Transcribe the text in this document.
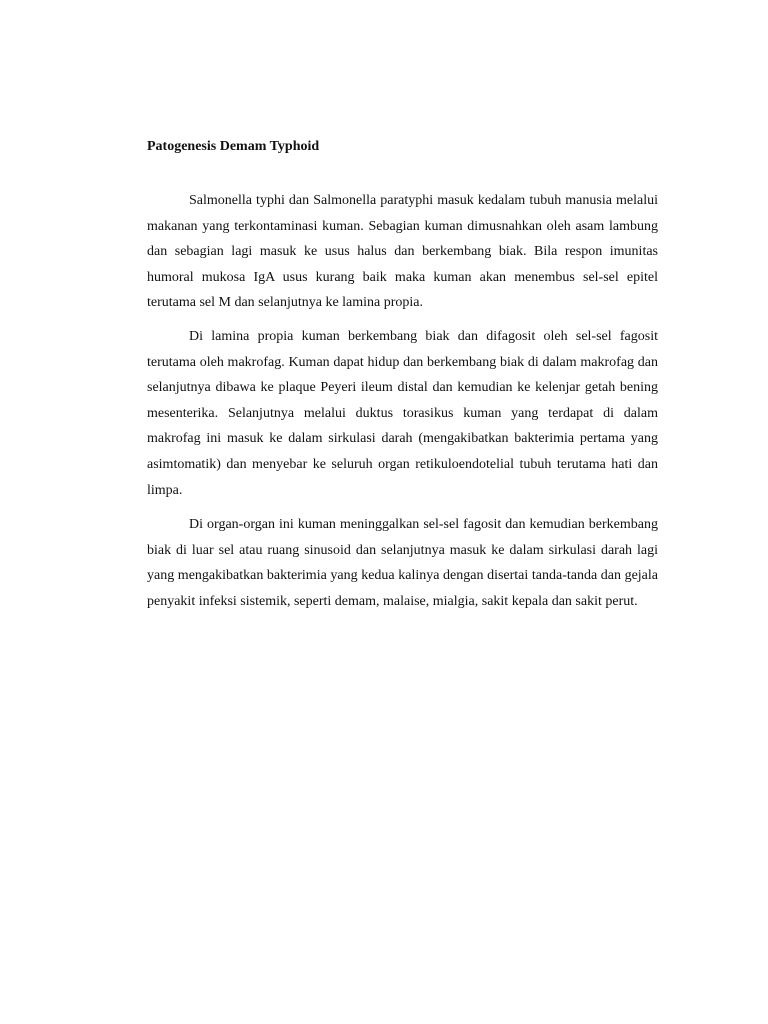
Patogenesis Demam Typhoid

Salmonella typhi dan Salmonella paratyphi masuk kedalam tubuh manusia melalui makanan yang terkontaminasi kuman. Sebagian kuman dimusnahkan oleh asam lambung dan sebagian lagi masuk ke usus halus dan berkembang biak. Bila respon imunitas humoral mukosa IgA usus kurang baik maka kuman akan menembus sel-sel epitel terutama sel M dan selanjutnya ke lamina propia.

Di lamina propia kuman berkembang biak dan difagosit oleh sel-sel fagosit terutama oleh makrofag. Kuman dapat hidup dan berkembang biak di dalam makrofag dan selanjutnya dibawa ke plaque Peyeri ileum distal dan kemudian ke kelenjar getah bening mesenterika. Selanjutnya melalui duktus torasikus kuman yang terdapat di dalam makrofag ini masuk ke dalam sirkulasi darah (mengakibatkan bakterimia pertama yang asimtomatik) dan menyebar ke seluruh organ retikuloendotelial tubuh terutama hati dan limpa.

Di organ-organ ini kuman meninggalkan sel-sel fagosit dan kemudian berkembang biak di luar sel atau ruang sinusoid dan selanjutnya masuk ke dalam sirkulasi darah lagi yang mengakibatkan bakterimia yang kedua kalinya dengan disertai tanda-tanda dan gejala penyakit infeksi sistemik, seperti demam, malaise, mialgia, sakit kepala dan sakit perut.
